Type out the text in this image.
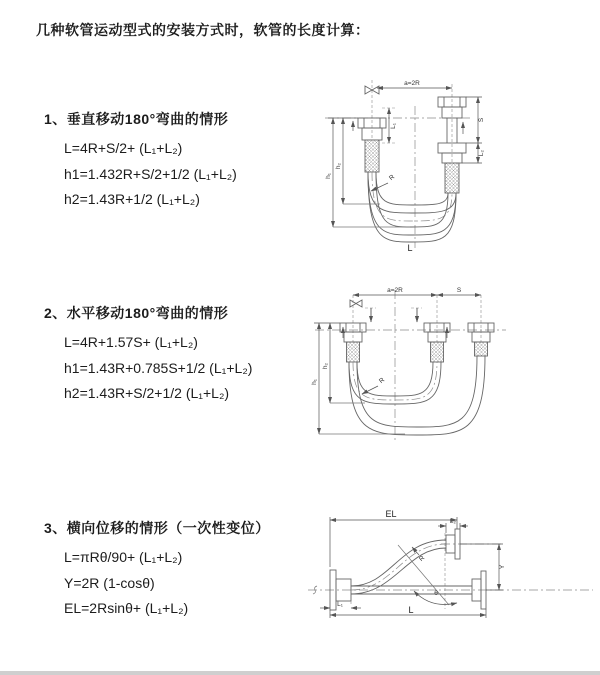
几种软管运动型式的安装方式时，软管的长度计算：
1、垂直移动180°弯曲的情形
L=4R+S/2+ (L₁+L₂)
h1=1.432R+S/2+1/2 (L₁+L₂)
h2=1.43R+1/2 (L₁+L₂)
2、水平移动180°弯曲的情形
L=4R+1.57S+ (L₁+L₂)
h1=1.43R+0.785S+1/2 (L₁+L₂)
h2=1.43R+S/2+1/2 (L₁+L₂)
3、横向位移的情形（一次性变位）
L=πRθ/90+ (L₁+L₂)
Y=2R (1-cosθ)
EL=2Rsinθ+ (L₁+L₂)
a=2R
S
L₂
L₁
h₁
h₂
R
L
a=2R	S
h₁
h₂
R
θ
R
EL
L₂
Y
L
L₁
